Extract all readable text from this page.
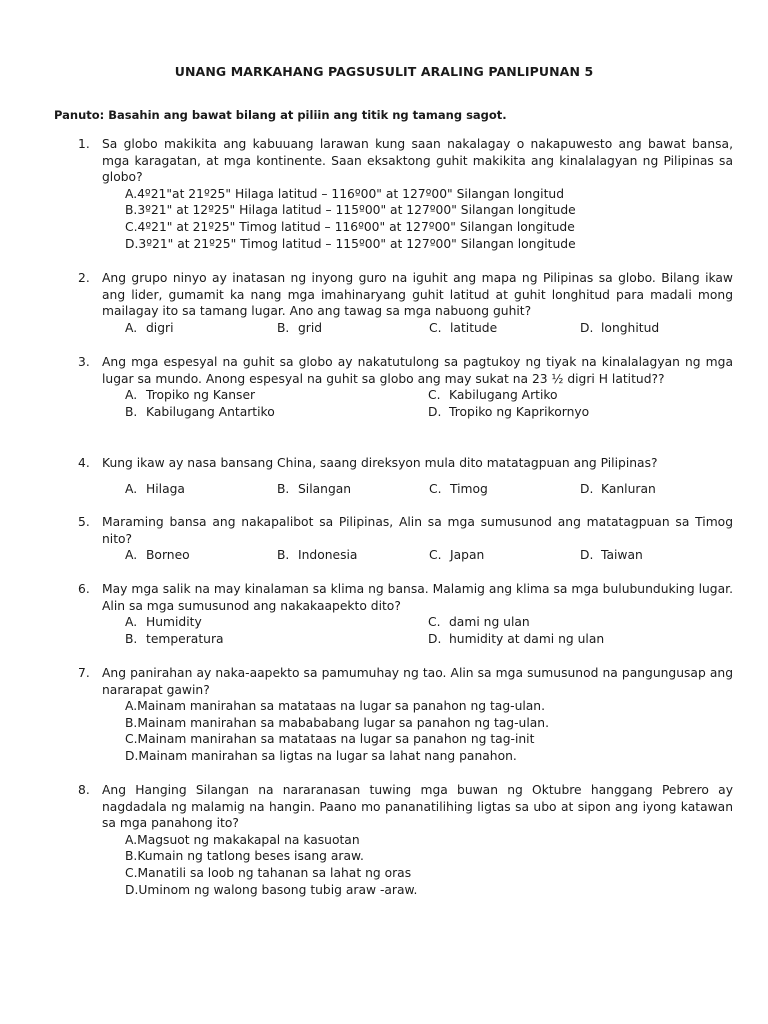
UNANG MARKAHANG PAGSUSULIT ARALING PANLIPUNAN 5
Panuto: Basahin ang bawat bilang at piliin ang titik ng tamang sagot.
1. Sa globo makikita ang kabuuang larawan kung saan nakalagay o nakapuwesto ang bawat bansa, mga karagatan, at mga kontinente. Saan eksaktong guhit makikita ang kinalalagyan ng Pilipinas sa globo?
A.4º21"at 21º25" Hilaga latitud – 116º00" at 127º00" Silangan longitud
B.3º21" at 12º25" Hilaga latitud – 115º00" at 127º00" Silangan longitude
C.4º21" at 21º25" Timog latitud – 116º00" at 127º00" Silangan longitude
D.3º21" at 21º25" Timog latitud – 115º00" at 127º00" Silangan longitude
2. Ang grupo ninyo ay inatasan ng inyong guro na iguhit ang mapa ng Pilipinas sa globo. Bilang ikaw ang lider, gumamit ka nang mga imahinaryang guhit latitud at guhit longhitud para madali mong mailagay ito sa tamang lugar. Ano ang tawag sa mga nabuong guhit?
A. digri	B. grid	C. latitude	D. longhitud
3. Ang mga espesyal na guhit sa globo ay nakatutulong sa pagtukoy ng tiyak na kinalalagyan ng mga lugar sa mundo. Anong espesyal na guhit sa globo ang may sukat na 23 ½ digri H latitud??
A. Tropiko ng Kanser	C. Kabilugang Artiko
B. Kabilugang Antartiko	D. Tropiko ng Kaprikornyo
4. Kung ikaw ay nasa bansang China, saang direksyon mula dito matatagpuan ang Pilipinas?
A. Hilaga	B. Silangan	C. Timog	D. Kanluran
5. Maraming bansa ang nakapalibot sa Pilipinas, Alin sa mga sumusunod ang matatagpuan sa Timog nito?
A. Borneo	B. Indonesia	C. Japan	D. Taiwan
6. May mga salik na may kinalaman sa klima ng bansa. Malamig ang klima sa mga bulubunduking lugar. Alin sa mga sumusunod ang nakakaapekto dito?
A. Humidity	C. dami ng ulan
B. temperatura	D. humidity at dami ng ulan
7. Ang panirahan ay naka-aapekto sa pamumuhay ng tao. Alin sa mga sumusunod na pangungusap ang nararapat gawin?
A.Mainam manirahan sa matataas na lugar sa panahon ng tag-ulan.
B.Mainam manirahan sa mabababang lugar sa panahon ng tag-ulan.
C.Mainam manirahan sa matataas na lugar sa panahon ng tag-init
D.Mainam manirahan sa ligtas na lugar sa lahat nang panahon.
8. Ang Hanging Silangan na nararanasan tuwing mga buwan ng Oktubre hanggang Pebrero ay nagdadala ng malamig na hangin. Paano mo pananatilihing ligtas sa ubo at sipon ang iyong katawan sa mga panahong ito?
A.Magsuot ng makakapal na kasuotan
B.Kumain ng tatlong beses isang araw.
C.Manatili sa loob ng tahanan sa lahat ng oras
D.Uminom ng walong basong tubig araw -araw.
